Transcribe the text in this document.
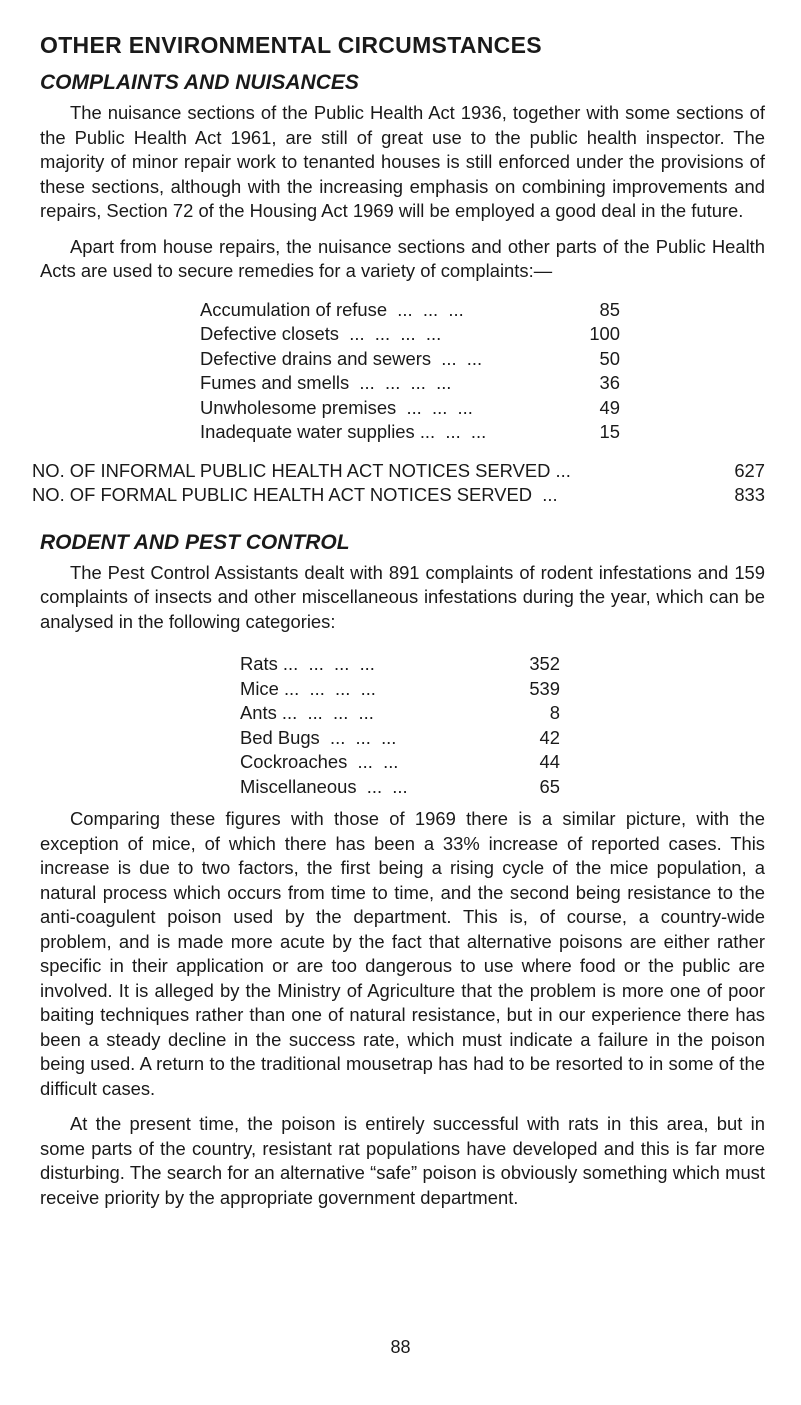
OTHER ENVIRONMENTAL CIRCUMSTANCES
COMPLAINTS AND NUISANCES

The nuisance sections of the Public Health Act 1936, together with some sections of the Public Health Act 1961, are still of great use to the public health inspector. The majority of minor repair work to tenanted houses is still enforced under the provisions of these sections, although with the increasing emphasis on combining improvements and repairs, Section 72 of the Housing Act 1969 will be employed a good deal in the future.

Apart from house repairs, the nuisance sections and other parts of the Public Health Acts are used to secure remedies for a variety of complaints:—

Accumulation of refuse  ...  ...  ...	85
Defective closets  ...  ...  ...  ...	100
Defective drains and sewers  ...  ...	50
Fumes and smells  ...  ...  ...  ...	36
Unwholesome premises  ...  ...  ...	49
Inadequate water supplies ...  ...  ...	15
NO. OF INFORMAL PUBLIC HEALTH ACT NOTICES SERVED ...	627
NO. OF FORMAL PUBLIC HEALTH ACT NOTICES SERVED  ...	833
RODENT AND PEST CONTROL

The Pest Control Assistants dealt with 891 complaints of rodent infestations and 159 complaints of insects and other miscellaneous infestations during the year, which can be analysed in the following categories:

Rats ...  ...  ...  ...	352
Mice ...  ...  ...  ...	539
Ants ...  ...  ...  ...	8
Bed Bugs  ...  ...  ...	42
Cockroaches  ...  ...	44
Miscellaneous  ...  ...	65

Comparing these figures with those of 1969 there is a similar picture, with the exception of mice, of which there has been a 33% increase of reported cases. This increase is due to two factors, the first being a rising cycle of the mice population, a natural process which occurs from time to time, and the second being resistance to the anti-coagulent poison used by the department. This is, of course, a country-wide problem, and is made more acute by the fact that alternative poisons are either rather specific in their application or are too dangerous to use where food or the public are involved. It is alleged by the Ministry of Agriculture that the problem is more one of poor baiting techniques rather than one of natural resistance, but in our experience there has been a steady decline in the success rate, which must indicate a failure in the poison being used. A return to the traditional mousetrap has had to be resorted to in some of the difficult cases.

At the present time, the poison is entirely successful with rats in this area, but in some parts of the country, resistant rat populations have developed and this is far more disturbing. The search for an alternative “safe” poison is obviously something which must receive priority by the appropriate government department.

88
